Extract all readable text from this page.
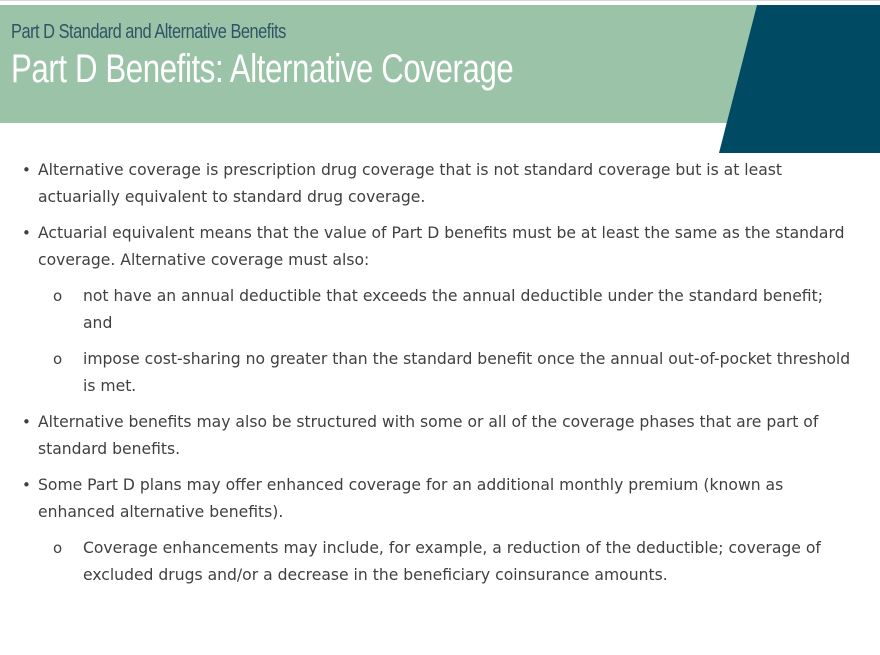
Part D Standard and Alternative Benefits
Part D Benefits: Alternative Coverage
• Alternative coverage is prescription drug coverage that is not standard coverage but is at least actuarially equivalent to standard drug coverage.
• Actuarial equivalent means that the value of Part D benefits must be at least the same as the standard coverage. Alternative coverage must also:
o not have an annual deductible that exceeds the annual deductible under the standard benefit; and
o impose cost-sharing no greater than the standard benefit once the annual out-of-pocket threshold is met.
• Alternative benefits may also be structured with some or all of the coverage phases that are part of standard benefits.
• Some Part D plans may offer enhanced coverage for an additional monthly premium (known as enhanced alternative benefits).
o Coverage enhancements may include, for example, a reduction of the deductible; coverage of excluded drugs and/or a decrease in the beneficiary coinsurance amounts.
